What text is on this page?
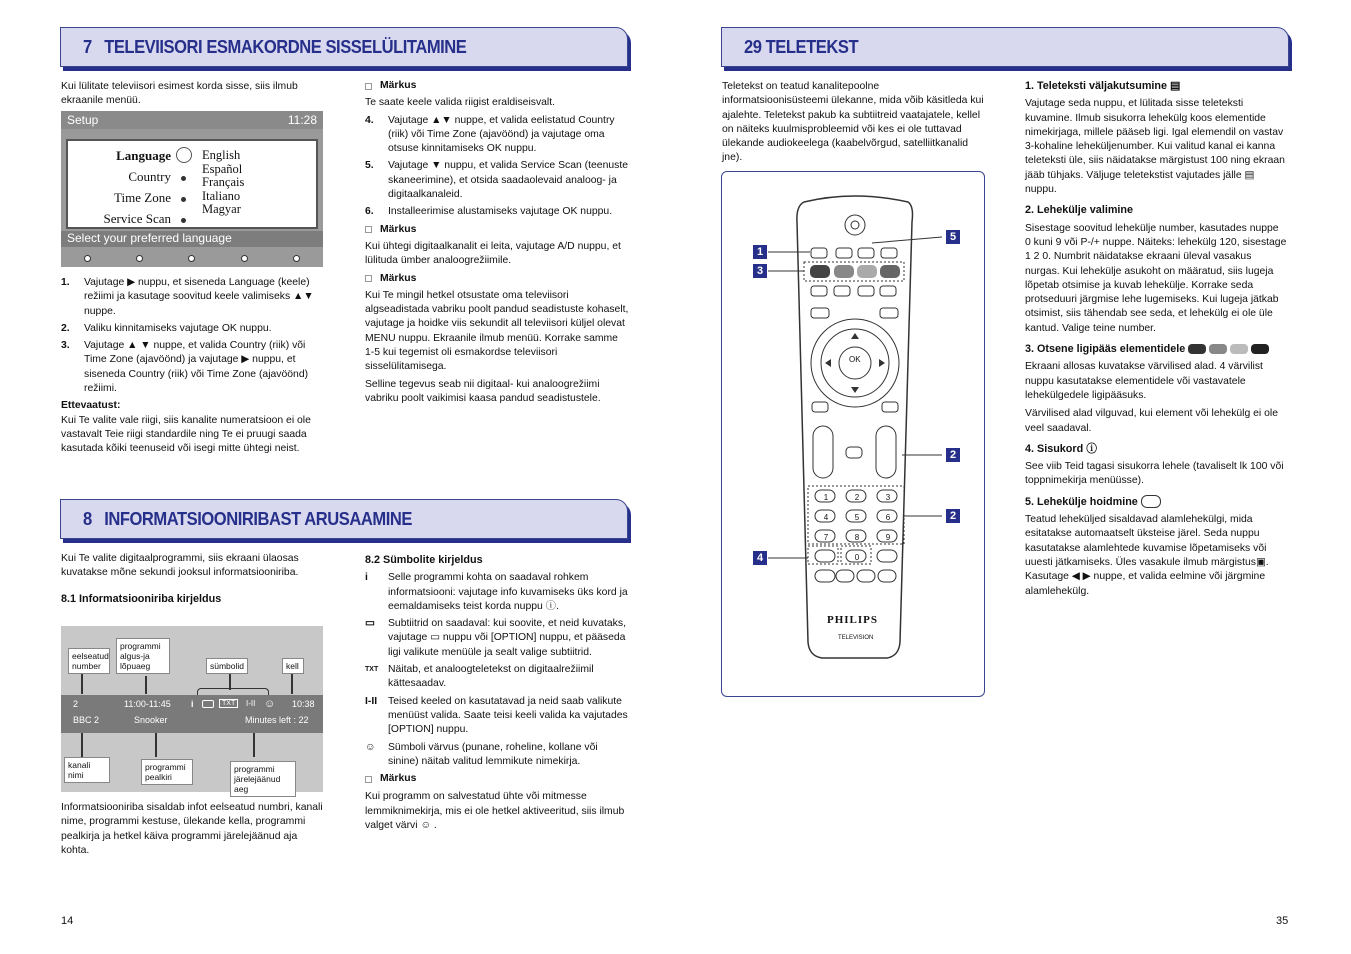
7 TELEVIISORI ESMAKORDNE SISSELÜLITAMINE
Kui lülitate televiisori esimest korda sisse, siis ilmub ekraanile menüü.
Setup	11:28
Language
Country
Time Zone
Service Scan
English
Español
Français
Italiano
Magyar
Select your preferred language
1.	Vajutage ▶ nuppu, et siseneda Language (keele) režiimi ja kasutage soovitud keele valimiseks ▲▼ nuppe.
2.	Valiku kinnitamiseks vajutage OK nuppu.
3.	Vajutage ▲ ▼ nuppe, et valida Country (riik) või Time Zone (ajavöönd) ja vajutage ▶ nuppu, et siseneda Country (riik) või Time Zone (ajavöönd) režiimi.
Ettevaatust:
Kui Te valite vale riigi, siis kanalite numeratsioon ei ole vastavalt Teie riigi standardile ning Te ei pruugi saada kasutada kõiki teenuseid või isegi mitte ühtegi neist.
Märkus
Te saate keele valida riigist eraldiseisvalt.
4.	Vajutage ▲▼ nuppe, et valida eelistatud Country (riik) või Time Zone (ajavöönd) ja vajutage oma otsuse kinnitamiseks OK nuppu.
5.	Vajutage ▼ nuppu, et valida Service Scan (teenuste skaneerimine), et otsida saadaolevaid analoog- ja digitaalkanaleid.
6.	Installeerimise alustamiseks vajutage OK nuppu.
Märkus
Kui ühtegi digitaalkanalit ei leita, vajutage A/D nuppu, et lülituda ümber analoogrežiimile.
Märkus
Kui Te mingil hetkel otsustate oma televiisori algseadistada vabriku poolt pandud seadistuste kohaselt, vajutage ja hoidke viis sekundit all televiisori küljel olevat MENU nuppu. Ekraanile ilmub menüü. Korrake samme 1-5 kui tegemist oli esmakordse televiisori sisselülitamisega.
Selline tegevus seab nii digitaal- kui analoogrežiimi vabriku poolt vaikimisi kaasa pandud seadistustele.
8 INFORMATSIOONIRIBAST ARUSAAMINE
Kui Te valite digitaalprogrammi, siis ekraani ülaosas kuvatakse mõne sekundi jooksul informatsiooniriba.
8.1 Informatsiooniriba kirjeldus
eelseatud number
programmi algus-ja lõpuaeg	sümbolid	kell
2	11:00-11:45 i	TXT	I-II ☺ 10:38
BBC 2	Snooker	Minutes left : 22
kanali nimi
programmi pealkiri
programmi järelejäänud aeg
Informatsiooniriba sisaldab infot eelseatud numbri, kanali nime, programmi kestuse, ülekande kella, programmi pealkirja ja hetkel käiva programmi järelejäänud aja kohta.
8.2 Sümbolite kirjeldus
i	Selle programmi kohta on saadaval rohkem informatsiooni: vajutage info kuvamiseks üks kord ja eemaldamiseks teist korda nuppu ⓘ.
▭	Subtiitrid on saadaval: kui soovite, et neid kuvataks, vajutage ▭ nuppu või [OPTION] nuppu, et pääseda ligi valikute menüüle ja sealt valige subtiitrid.
TXT Näitab, et analoogteletekst on digitaalrežiimil kättesaadav.
I-II	Teised keeled on kasutatavad ja neid saab valikute menüüst valida. Saate teisi keeli valida ka vajutades [OPTION] nuppu.
☺	Sümboli värvus (punane, roheline, kollane või sinine) näitab valitud lemmikute nimekirja.
Märkus
Kui programm on salvestatud ühte või mitmesse lemmiknimekirja, mis ei ole hetkel aktiveeritud, siis ilmub valget värvi ☺ .
14
29 TELETEKST
Teletekst on teatud kanalitepoolne informatsioonisüsteemi ülekanne, mida võib käsitleda kui ajalehte. Teletekst pakub ka subtiitreid vaatajatele, kellel on näiteks kuulmisprobleemid või kes ei ole tuttavad ülekande audiokeelega (kaabelvõrgud, satelliitkanalid jne).
OK
1	2	3
4	5	6
7	8	9
0
PHILIPS
TELEVISION
1
3
4
5
2
2
1. Teleteksti väljakutsumine ▤
Vajutage seda nuppu, et lülitada sisse teleteksti kuvamine. Ilmub sisukorra lehekülg koos elementide nimekirjaga, millele pääseb ligi. Igal elemendil on vastav 3-kohaline leheküljenumber. Kui valitud kanal ei kanna teleteksti üle, siis näidatakse märgistust 100 ning ekraan jääb tühjaks. Väljuge teletekstist vajutades jälle ▤ nuppu.
2. Lehekülje valimine
Sisestage soovitud lehekülje number, kasutades nuppe 0 kuni 9 või P-/+ nuppe. Näiteks: lehekülg 120, sisestage 1 2 0. Numbrit näidatakse ekraani üleval vasakus nurgas. Kui lehekülje asukoht on määratud, siis lugeja lõpetab otsimise ja kuvab lehekülje. Korrake seda protseduuri järgmise lehe lugemiseks. Kui lugeja jätkab otsimist, siis tähendab see seda, et lehekülg ei ole üle kantud. Valige teine number.
3. Otsene ligipääs elementidele
Ekraani allosas kuvatakse värvilised alad. 4 värvilist nuppu kasutatakse elementidele või vastavatele lehekülgedele ligipääsuks.
Värvilised alad vilguvad, kui element või lehekülg ei ole veel saadaval.
4. Sisukord ⓘ
See viib Teid tagasi sisukorra lehele (tavaliselt lk 100 või toppnimekirja menüüsse).
5. Lehekülje hoidmine
Teatud leheküljed sisaldavad alamlehekülgi, mida esitatakse automaatselt üksteise järel. Seda nuppu kasutatakse alamlehtede kuvamise lõpetamiseks või uuesti jätkamiseks. Üles vasakule ilmub märgistus▣. Kasutage ◀ ▶ nuppe, et valida eelmine või järgmine alamlehekülg.
35
